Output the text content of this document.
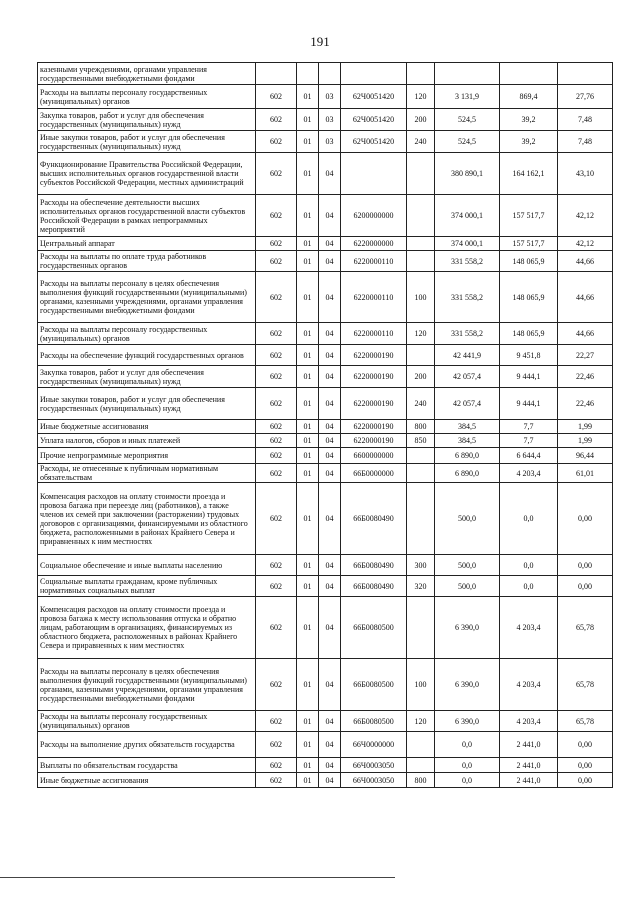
191
казенными учреждениями, органами управления государственными внебюджетными фондами								
Расходы на выплаты персоналу государственных (муниципальных) органов	602	01	03	62Ч0051420	120	3 131,9	869,4	27,76
Закупка товаров, работ и услуг для обеспечения государственных (муниципальных) нужд	602	01	03	62Ч0051420	200	524,5	39,2	7,48
Иные закупки товаров, работ и услуг для обеспечения государственных (муниципальных) нужд	602	01	03	62Ч0051420	240	524,5	39,2	7,48
Функционирование Правительства Российской Федерации, высших исполнительных органов государственной власти субъектов Российской Федерации, местных администраций	602	01	04			380 890,1	164 162,1	43,10
Расходы на обеспечение деятельности высших исполнительных органов государственной власти субъектов Российской Федерации в рамках непрограммных мероприятий	602	01	04	6200000000		374 000,1	157 517,7	42,12
Центральный аппарат	602	01	04	6220000000		374 000,1	157 517,7	42,12
Расходы на выплаты по оплате труда работников государственных органов	602	01	04	6220000110		331 558,2	148 065,9	44,66
Расходы на выплаты персоналу в целях обеспечения выполнения функций государственными (муниципальными) органами, казенными учреждениями, органами управления государственными внебюджетными фондами	602	01	04	6220000110	100	331 558,2	148 065,9	44,66
Расходы на выплаты персоналу государственных (муниципальных) органов	602	01	04	6220000110	120	331 558,2	148 065,9	44,66
Расходы на обеспечение функций государственных органов	602	01	04	6220000190		42 441,9	9 451,8	22,27
Закупка товаров, работ и услуг для обеспечения государственных (муниципальных) нужд	602	01	04	6220000190	200	42 057,4	9 444,1	22,46
Иные закупки товаров, работ и услуг для обеспечения государственных (муниципальных) нужд	602	01	04	6220000190	240	42 057,4	9 444,1	22,46
Иные бюджетные ассигнования	602	01	04	6220000190	800	384,5	7,7	1,99
Уплата налогов, сборов и иных платежей	602	01	04	6220000190	850	384,5	7,7	1,99
Прочие непрограммные мероприятия	602	01	04	6600000000		6 890,0	6 644,4	96,44
Расходы, не отнесенные к публичным нормативным обязательствам	602	01	04	66Б0000000		6 890,0	4 203,4	61,01
Компенсация расходов на оплату стоимости проезда и провоза багажа при переезде лиц (работников), а также членов их семей при заключении (расторжении) трудовых договоров с организациями, финансируемыми из областного бюджета, расположенными в районах Крайнего Севера и приравненных к ним местностях	602	01	04	66Б0080490		500,0	0,0	0,00
Социальное обеспечение и иные выплаты населению	602	01	04	66Б0080490	300	500,0	0,0	0,00
Социальные выплаты гражданам, кроме публичных нормативных социальных выплат	602	01	04	66Б0080490	320	500,0	0,0	0,00
Компенсация расходов на оплату стоимости проезда и провоза багажа к месту использования отпуска и обратно лицам, работающим в организациях, финансируемых из областного бюджета, расположенных в районах Крайнего Севера и приравненных к ним местностях	602	01	04	66Б0080500		6 390,0	4 203,4	65,78
Расходы на выплаты персоналу в целях обеспечения выполнения функций государственными (муниципальными) органами, казенными учреждениями, органами управления государственными внебюджетными фондами	602	01	04	66Б0080500	100	6 390,0	4 203,4	65,78
Расходы на выплаты персоналу государственных (муниципальных) органов	602	01	04	66Б0080500	120	6 390,0	4 203,4	65,78
Расходы на выполнение других обязательств государства	602	01	04	66Ч0000000		0,0	2 441,0	0,00
Выплаты по обязательствам государства	602	01	04	66Ч0003050		0,0	2 441,0	0,00
Иные бюджетные ассигнования	602	01	04	66Ч0003050	800	0,0	2 441,0	0,00
